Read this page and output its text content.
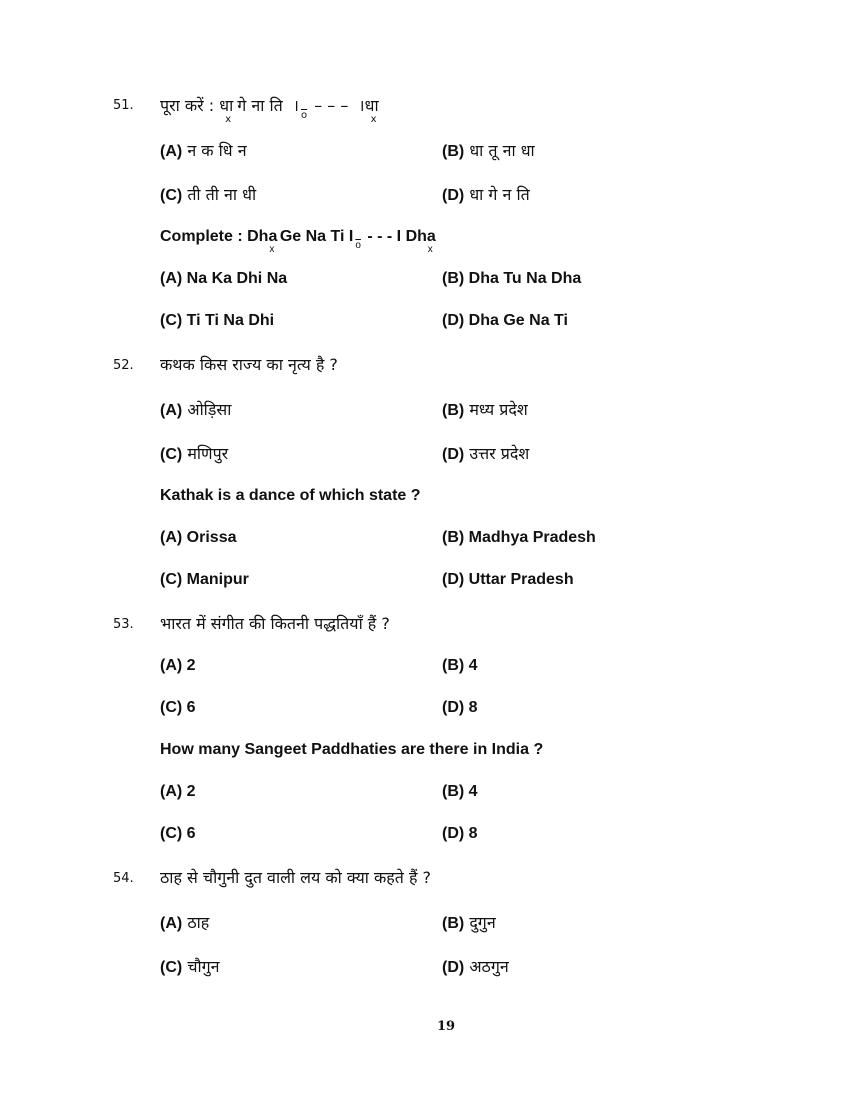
51. पूरा करें : $धा_x$ गे ना ति $।\overline{o}$ – – – $।धा_x$
(A) न क धि न	(B) धा तू ना धा
(C) ती ती ना धी	(D) धा गे न ति
Complete : Dha$_x$ Ge Na Ti $I\overline{o}$ - - - I Dha$_x$
(A) Na Ka Dhi Na	(B) Dha Tu Na Dha
(C) Ti Ti Na Dhi	(D) Dha Ge Na Ti
52. कथक किस राज्य का नृत्य है ?
(A) ओड़िसा	(B) मध्य प्रदेश
(C) मणिपुर	(D) उत्तर प्रदेश
Kathak is a dance of which state ?
(A) Orissa	(B) Madhya Pradesh
(C) Manipur	(D) Uttar Pradesh
53. भारत में संगीत की कितनी पद्धतियाँ हैं ?
(A) 2	(B) 4
(C) 6	(D) 8
How many Sangeet Paddhaties are there in India ?
(A) 2	(B) 4
(C) 6	(D) 8
54. ठाह से चौगुनी दुत वाली लय को क्या कहते हैं ?
(A) ठाह	(B) दुगुन
(C) चौगुन	(D) अठगुन
19
